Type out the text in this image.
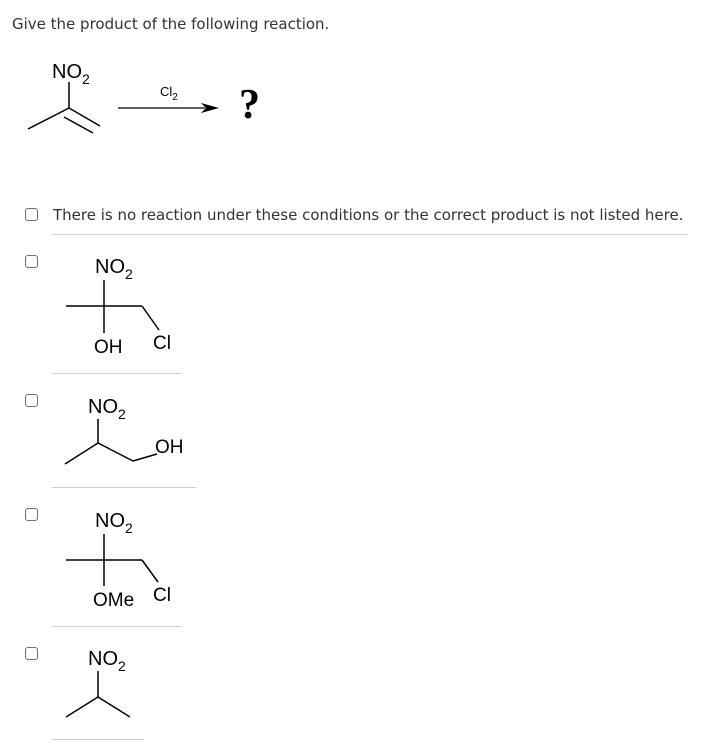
Give the product of the following reaction.
$NO_2$
$Cl_2$ ?
$NO_2$
OH Cl
$NO_2$
OH
$NO_2$
OMe Cl
$NO_2$

There is no reaction under these conditions or the correct product is not listed here.
